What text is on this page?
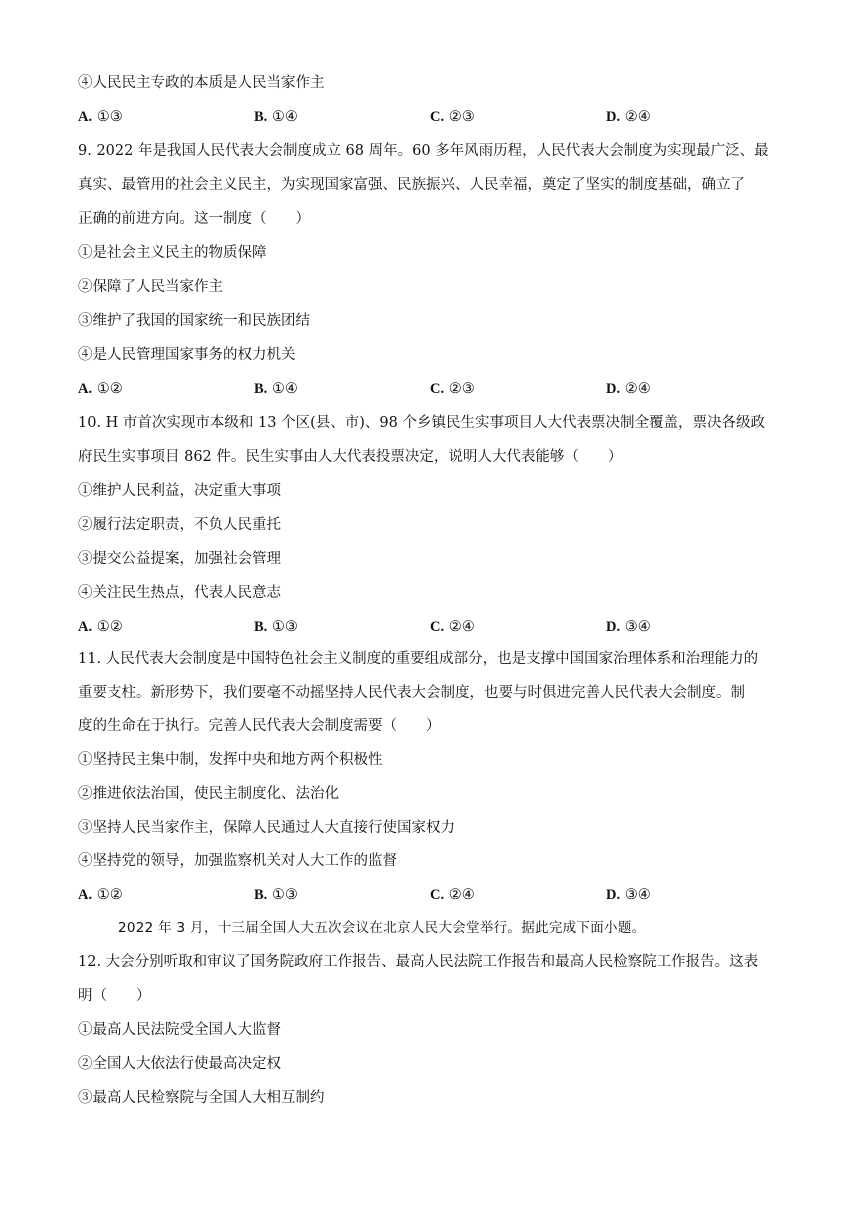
④人民民主专政的本质是人民当家作主
A. ①③	B. ①④	C. ②③	D. ②④
9. 2022 年是我国人民代表大会制度成立 68 周年。60 多年风雨历程，人民代表大会制度为实现最广泛、最
真实、最管用的社会主义民主，为实现国家富强、民族振兴、人民幸福，奠定了坚实的制度基础，确立了
正确的前进方向。这一制度（　　）
①是社会主义民主的物质保障
②保障了人民当家作主
③维护了我国的国家统一和民族团结
④是人民管理国家事务的权力机关
A. ①②	B. ①④	C. ②③	D. ②④
10. H 市首次实现市本级和 13 个区(县、市)、98 个乡镇民生实事项目人大代表票决制全覆盖，票决各级政
府民生实事项目 862 件。民生实事由人大代表投票决定，说明人大代表能够（　　）
①维护人民利益，决定重大事项
②履行法定职责，不负人民重托
③提交公益提案，加强社会管理
④关注民生热点，代表人民意志
A. ①②	B. ①③	C. ②④	D. ③④
11. 人民代表大会制度是中国特色社会主义制度的重要组成部分，也是支撑中国国家治理体系和治理能力的
重要支柱。新形势下，我们要毫不动摇坚持人民代表大会制度，也要与时俱进完善人民代表大会制度。制
度的生命在于执行。完善人民代表大会制度需要（　　）
①坚持民主集中制，发挥中央和地方两个积极性
②推进依法治国，使民主制度化、法治化
③坚持人民当家作主，保障人民通过人大直接行使国家权力
④坚持党的领导，加强监察机关对人大工作的监督
A. ①②	B. ①③	C. ②④	D. ③④
2022 年 3 月，十三届全国人大五次会议在北京人民大会堂举行。据此完成下面小题。
12. 大会分别听取和审议了国务院政府工作报告、最高人民法院工作报告和最高人民检察院工作报告。这表
明（　　）
①最高人民法院受全国人大监督
②全国人大依法行使最高决定权
③最高人民检察院与全国人大相互制约
